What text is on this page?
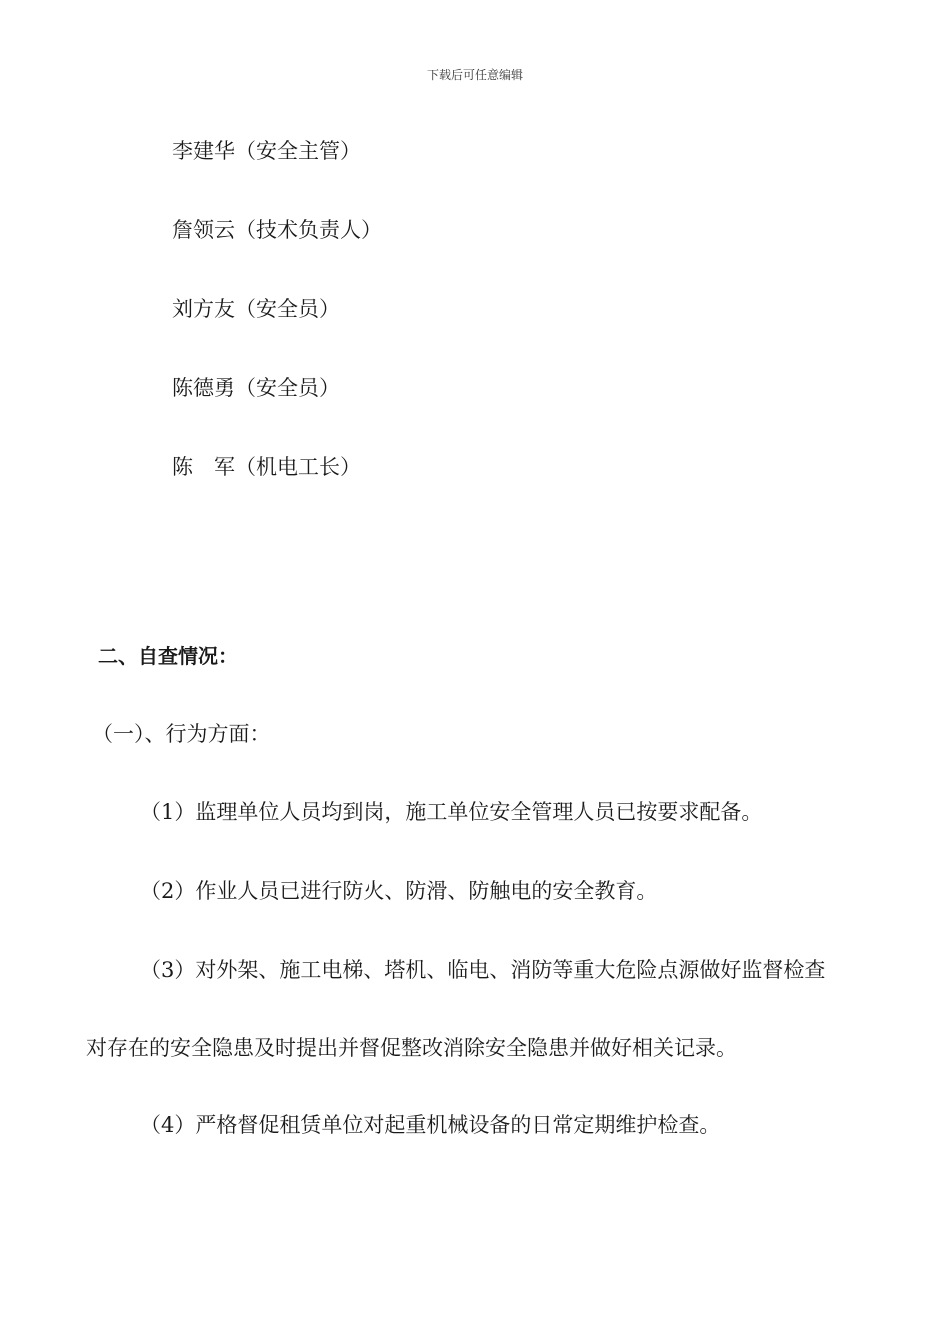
下载后可任意编辑
李建华（安全主管）
詹领云（技术负责人）
刘方友（安全员）
陈德勇（安全员）
陈　军（机电工长）
二、自查情况：
（一）、行为方面：
（1）监理单位人员均到岗，施工单位安全管理人员已按要求配备。
（2）作业人员已进行防火、防滑、防触电的安全教育。
（3）对外架、施工电梯、塔机、临电、消防等重大危险点源做好监督检查
对存在的安全隐患及时提出并督促整改消除安全隐患并做好相关记录。
（4）严格督促租赁单位对起重机械设备的日常定期维护检查。
